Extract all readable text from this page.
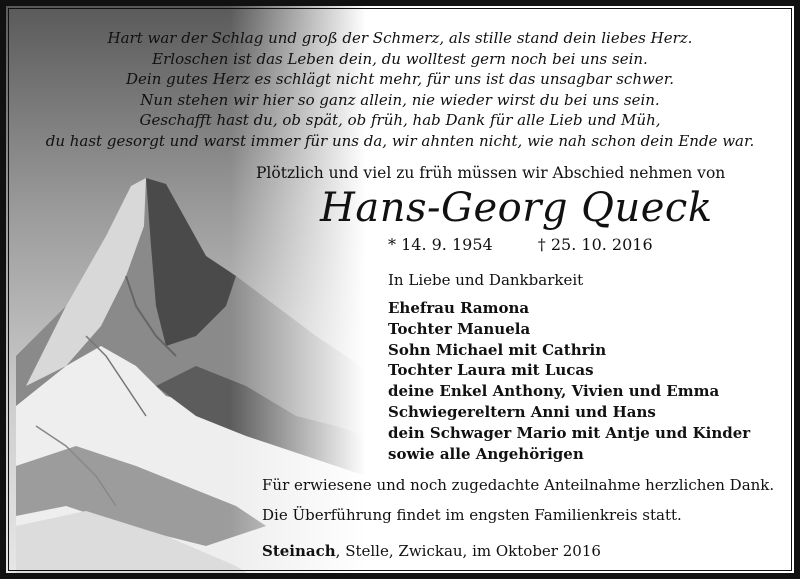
Hart war der Schlag und groß der Schmerz, als stille stand dein liebes Herz.
Erloschen ist das Leben dein, du wolltest gern noch bei uns sein.
Dein gutes Herz es schlägt nicht mehr, für uns ist das unsagbar schwer.
Nun stehen wir hier so ganz allein, nie wieder wirst du bei uns sein.
Geschafft hast du, ob spät, ob früh, hab Dank für alle Lieb und Müh,
du hast gesorgt und warst immer für uns da, wir ahnten nicht, wie nah schon dein Ende war.
Plötzlich und viel zu früh müssen wir Abschied nehmen von
Hans-Georg Queck
* 14. 9. 1954	† 25. 10. 2016
In Liebe und Dankbarkeit
Ehefrau Ramona
Tochter Manuela
Sohn Michael mit Cathrin
Tochter Laura mit Lucas
deine Enkel Anthony, Vivien und Emma
Schwiegereltern Anni und Hans
dein Schwager Mario mit Antje und Kinder
sowie alle Angehörigen
Für erwiesene und noch zugedachte Anteilnahme herzlichen Dank.
Die Überführung findet im engsten Familienkreis statt.
Steinach, Stelle, Zwickau, im Oktober 2016
